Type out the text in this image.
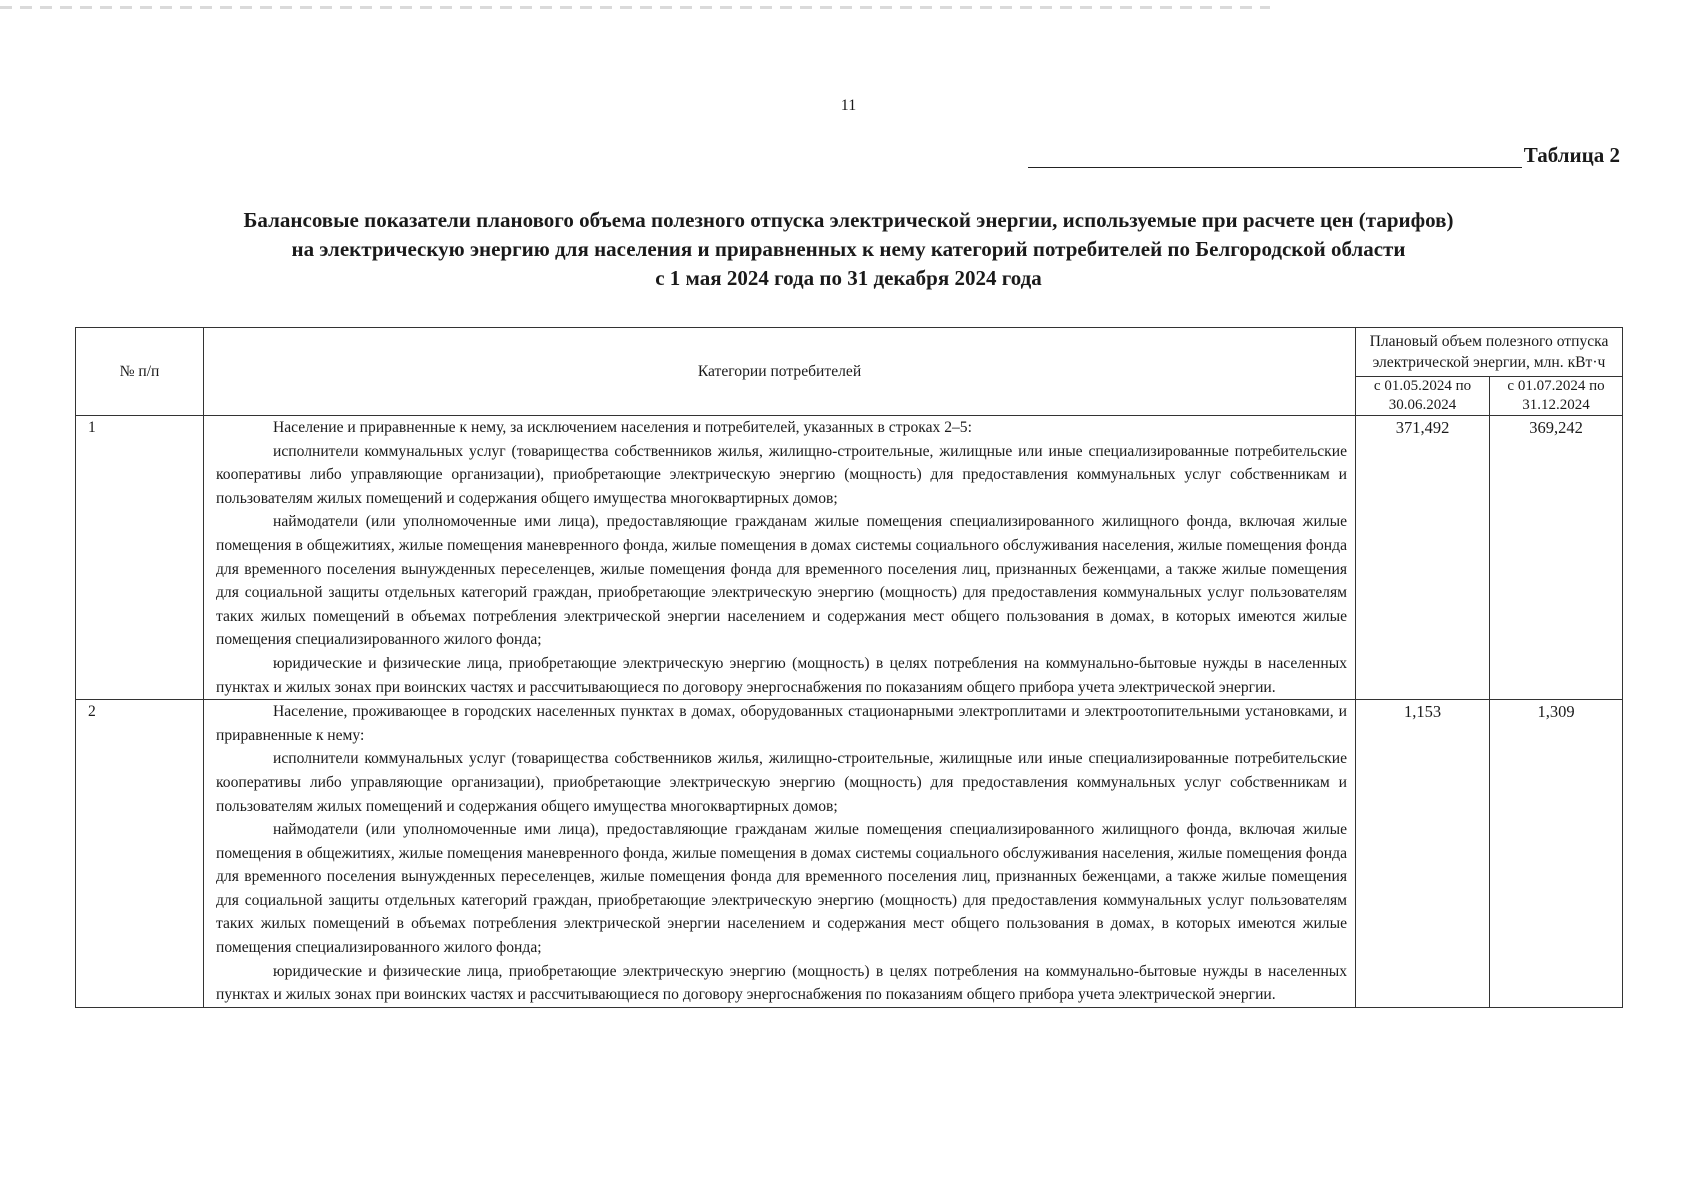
11
Таблица 2
Балансовые показатели планового объема полезного отпуска электрической энергии, используемые при расчете цен (тарифов)
на электрическую энергию для населения и приравненных к нему категорий потребителей по Белгородской области
с 1 мая 2024 года по 31 декабря 2024 года
№ п/п	Категории потребителей	Плановый объем полезного отпуска электрической энергии, млн. кВт·ч	
		с 01.05.2024 по 30.06.2024	с 01.07.2024 по 31.12.2024
1	Население и приравненные к нему, за исключением населения и потребителей, указанных в строках 2–5:

исполнители коммунальных услуг (товарищества собственников жилья, жилищно-строительные, жилищные или иные специализированные потребительские кооперативы либо управляющие организации), приобретающие электрическую энергию (мощность) для предоставления коммунальных услуг собственникам и пользователям жилых помещений и содержания общего имущества многоквартирных домов;

наймодатели (или уполномоченные ими лица), предоставляющие гражданам жилые помещения специализированного жилищного фонда, включая жилые помещения в общежитиях, жилые помещения маневренного фонда, жилые помещения в домах системы социального обслуживания населения, жилые помещения фонда для временного поселения вынужденных переселенцев, жилые помещения фонда для временного поселения лиц, признанных беженцами, а также жилые помещения для социальной защиты отдельных категорий граждан, приобретающие электрическую энергию (мощность) для предоставления коммунальных услуг пользователям таких жилых помещений в объемах потребления электрической энергии населением и содержания мест общего пользования в домах, в которых имеются жилые помещения специализированного жилого фонда;

юридические и физические лица, приобретающие электрическую энергию (мощность) в целях потребления на коммунально-бытовые нужды в населенных пунктах и жилых зонах при воинских частях и рассчитывающиеся по договору энергоснабжения по показаниям общего прибора учета электрической энергии.	371,492	369,242
2	Население, проживающее в городских населенных пунктах в домах, оборудованных стационарными электроплитами и электроотопительными установками, и приравненные к нему:

исполнители коммунальных услуг (товарищества собственников жилья, жилищно-строительные, жилищные или иные специализированные потребительские кооперативы либо управляющие организации), приобретающие электрическую энергию (мощность) для предоставления коммунальных услуг собственникам и пользователям жилых помещений и содержания общего имущества многоквартирных домов;

наймодатели (или уполномоченные ими лица), предоставляющие гражданам жилые помещения специализированного жилищного фонда, включая жилые помещения в общежитиях, жилые помещения маневренного фонда, жилые помещения в домах системы социального обслуживания населения, жилые помещения фонда для временного поселения вынужденных переселенцев, жилые помещения фонда для временного поселения лиц, признанных беженцами, а также жилые помещения для социальной защиты отдельных категорий граждан, приобретающие электрическую энергию (мощность) для предоставления коммунальных услуг пользователям таких жилых помещений в объемах потребления электрической энергии населением и содержания мест общего пользования в домах, в которых имеются жилые помещения специализированного жилого фонда;

юридические и физические лица, приобретающие электрическую энергию (мощность) в целях потребления на коммунально-бытовые нужды в населенных пунктах и жилых зонах при воинских частях и рассчитывающиеся по договору энергоснабжения по показаниям общего прибора учета электрической энергии.	1,153	1,309
